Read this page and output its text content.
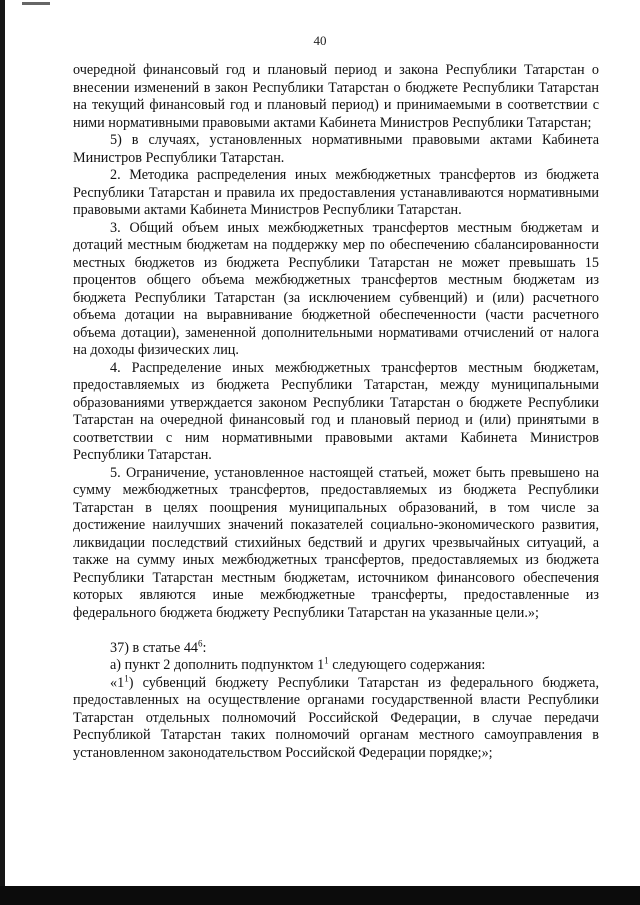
40

очередной финансовый год и плановый период и закона Республики Татарстан о внесении изменений в закон Республики Татарстан о бюджете Республики Татарстан на текущий финансовый год и плановый период) и принимаемыми в соответствии с ними нормативными правовыми актами Кабинета Министров Республики Татарстан;

5) в случаях, установленных нормативными правовыми актами Кабинета Министров Республики Татарстан.

2. Методика распределения иных межбюджетных трансфертов из бюджета Республики Татарстан и правила их предоставления устанавливаются нормативными правовыми актами Кабинета Министров Республики Татарстан.

3. Общий объем иных межбюджетных трансфертов местным бюджетам и дотаций местным бюджетам на поддержку мер по обеспечению сбалансированности местных бюджетов из бюджета Республики Татарстан не может превышать 15 процентов общего объема межбюджетных трансфертов местным бюджетам из бюджета Республики Татарстан (за исключением субвенций) и (или) расчетного объема дотации на выравнивание бюджетной обеспеченности (части расчетного объема дотации), замененной дополнительными нормативами отчислений от налога на доходы физических лиц.

4. Распределение иных межбюджетных трансфертов местным бюджетам, предоставляемых из бюджета Республики Татарстан, между муниципальными образованиями утверждается законом Республики Татарстан о бюджете Республики Татарстан на очередной финансовый год и плановый период и (или) принятыми в соответствии с ним нормативными правовыми актами Кабинета Министров Республики Татарстан.

5. Ограничение, установленное настоящей статьей, может быть превышено на сумму межбюджетных трансфертов, предоставляемых из бюджета Республики Татарстан в целях поощрения муниципальных образований, в том числе за достижение наилучших значений показателей социально-экономического развития, ликвидации последствий стихийных бедствий и других чрезвычайных ситуаций, а также на сумму иных межбюджетных трансфертов, предоставляемых из бюджета Республики Татарстан местным бюджетам, источником финансового обеспечения которых являются иные межбюджетные трансферты, предоставленные из федерального бюджета бюджету Республики Татарстан на указанные цели.»;

37) в статье $44^6$:

а) пункт 2 дополнить подпунктом $1^1$ следующего содержания:

«$1^1$) субвенций бюджету Республики Татарстан из федерального бюджета, предоставленных на осуществление органами государственной власти Республики Татарстан отдельных полномочий Российской Федерации, в случае передачи Республикой Татарстан таких полномочий органам местного самоуправления в установленном законодательством Российской Федерации порядке;»;
